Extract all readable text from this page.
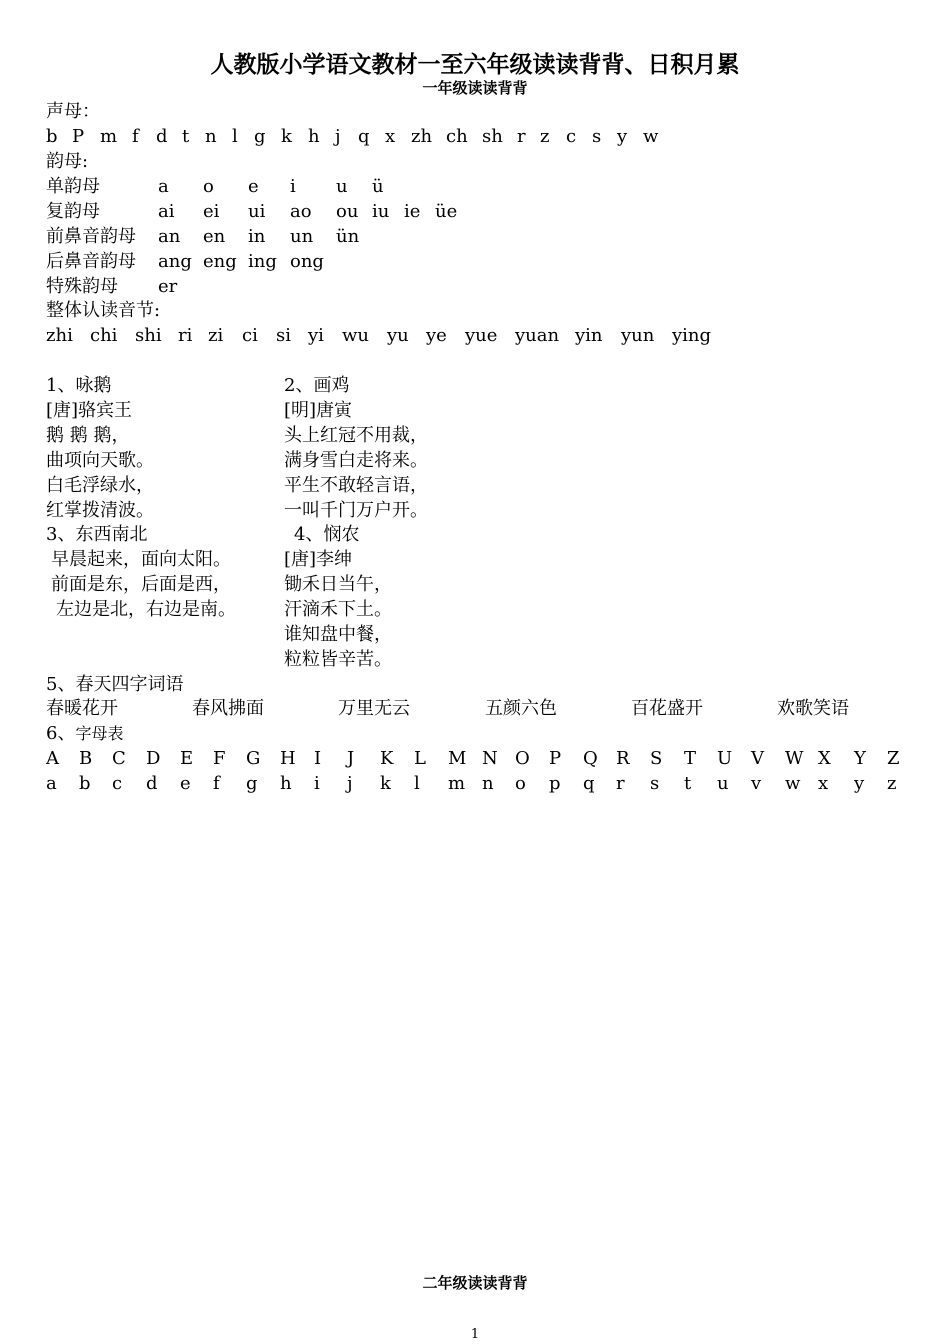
人教版小学语文教材一至六年级读读背背、日积月累
一年级读读背背
声母：
b P m f d t n l g k h j q x zh ch sh r z c s y w
韵母:
单韵母	a o e i u ü
复韵母	ai ei ui ao ou iu ie üe
前鼻音韵母 an en in un ün
后鼻音韵母 ang eng ing ong
特殊韵母 er
整体认读音节:
zhi chi shi ri zi ci si yi wu yu ye yue yuan yin yun ying
1、咏鹅
[唐]骆宾王
鹅 鹅 鹅，
曲项向天歌。
白毛浮绿水，
红掌拨清波。
3、东西南北
早晨起来，面向太阳。
前面是东，后面是西，
左边是北，右边是南。
2、画鸡
[明]唐寅
头上红冠不用裁，
满身雪白走将来。
平生不敢轻言语，
一叫千门万户开。
4、悯农
[唐]李绅
锄禾日当午，
汗滴禾下土。
谁知盘中餐，
粒粒皆辛苦。
5、春天四字词语
春暖花开	春风拂面	万里无云	五颜六色	百花盛开	欢歌笑语
6、字母表
A B C D E F G H I J K L M N O P Q R S T U V W X Y Z
a b c d e f g h i j k l m n o p q r s t u v w x y z
二年级读读背背
1
